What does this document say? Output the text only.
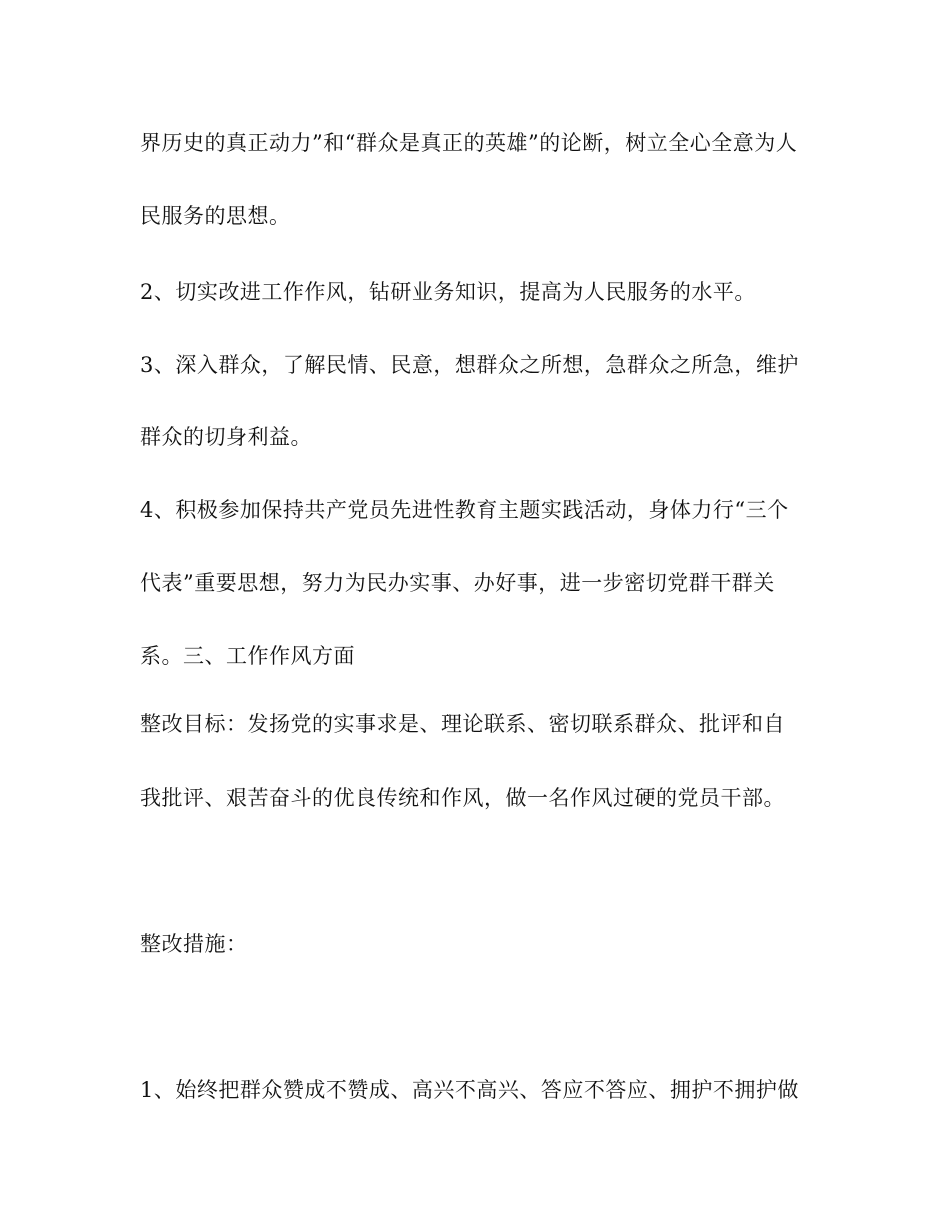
界历史的真正动力”和“群众是真正的英雄”的论断，树立全心全意为人
民服务的思想。
2、切实改进工作作风，钻研业务知识，提高为人民服务的水平。
3、深入群众，了解民情、民意，想群众之所想，急群众之所急，维护
群众的切身利益。
4、积极参加保持共产党员先进性教育主题实践活动，身体力行“三个
代表”重要思想，努力为民办实事、办好事，进一步密切党群干群关
系。三、工作作风方面
整改目标：发扬党的实事求是、理论联系、密切联系群众、批评和自
我批评、艰苦奋斗的优良传统和作风，做一名作风过硬的党员干部。
整改措施：
1、始终把群众赞成不赞成、高兴不高兴、答应不答应、拥护不拥护做
